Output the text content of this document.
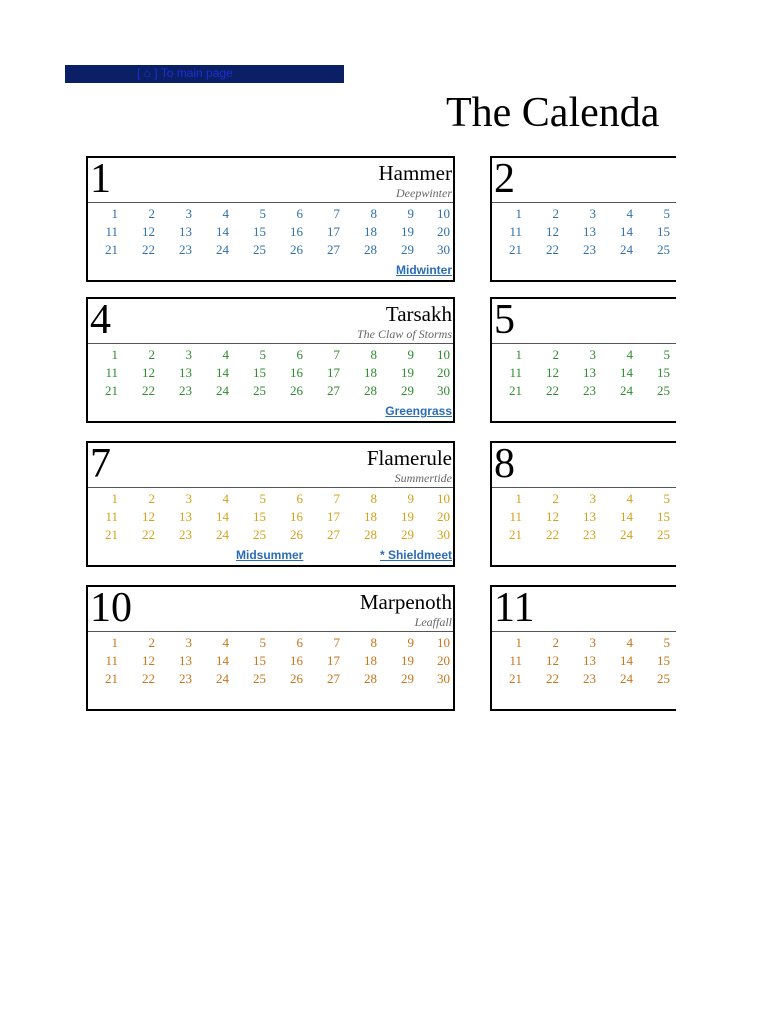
[ ⌂ ] To main page
The Calenda
1	Hammer
Deepwinter
1	2	3	4	5	6	7	8	9	10
11	12	13	14	15	16	17	18	19	20
21	22	23	24	25	26	27	28	29	30
Midwinter
2
1	2	3	4	5
11	12	13	14	15
21	22	23	24	25
4	Tarsakh
The Claw of Storms
1	2	3	4	5	6	7	8	9	10
11	12	13	14	15	16	17	18	19	20
21	22	23	24	25	26	27	28	29	30
Greengrass
5
1	2	3	4	5
11	12	13	14	15
21	22	23	24	25
7	Flamerule
Summertide
1	2	3	4	5	6	7	8	9	10
11	12	13	14	15	16	17	18	19	20
21	22	23	24	25	26	27	28	29	30
Midsummer	* Shieldmeet
8
1	2	3	4	5
11	12	13	14	15
21	22	23	24	25
10	Marpenoth
Leaffall
1	2	3	4	5	6	7	8	9	10
11	12	13	14	15	16	17	18	19	20
21	22	23	24	25	26	27	28	29	30
11
1	2	3	4	5
11	12	13	14	15
21	22	23	24	25
